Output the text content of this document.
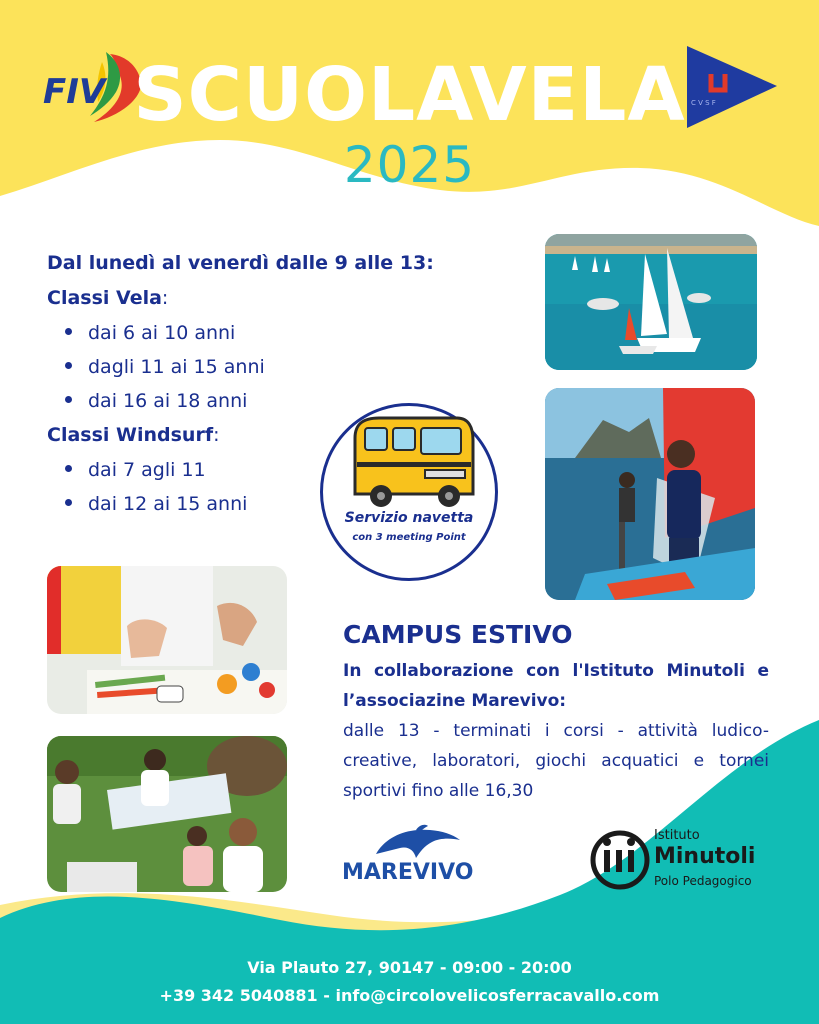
FIV SCUOLAVELA
2025
C V S F
Dal lunedì al venerdì dalle 9 alle 13:
Classi Vela:
dai 6 ai 10 anni
dagli 11 ai 15 anni
dai 16 ai 18 anni
Classi Windsurf:
dai 7 agli 11
dai 12 ai 15 anni
Servizio navetta
con 3 meeting Point
CAMPUS ESTIVO
In collaborazione con l'Istituto Minutoli e l’associazine Marevivo:
dalle 13 - terminati i corsi - attività ludico-creative, laboratori, giochi acquatici e tornei sportivi fino alle 16,30
MAREVIVO
Istituto
Minutoli
Polo Pedagogico
Via Plauto 27, 90147 - 09:00 - 20:00
+39 342 5040881 - info@circolovelicosferracavallo.com
